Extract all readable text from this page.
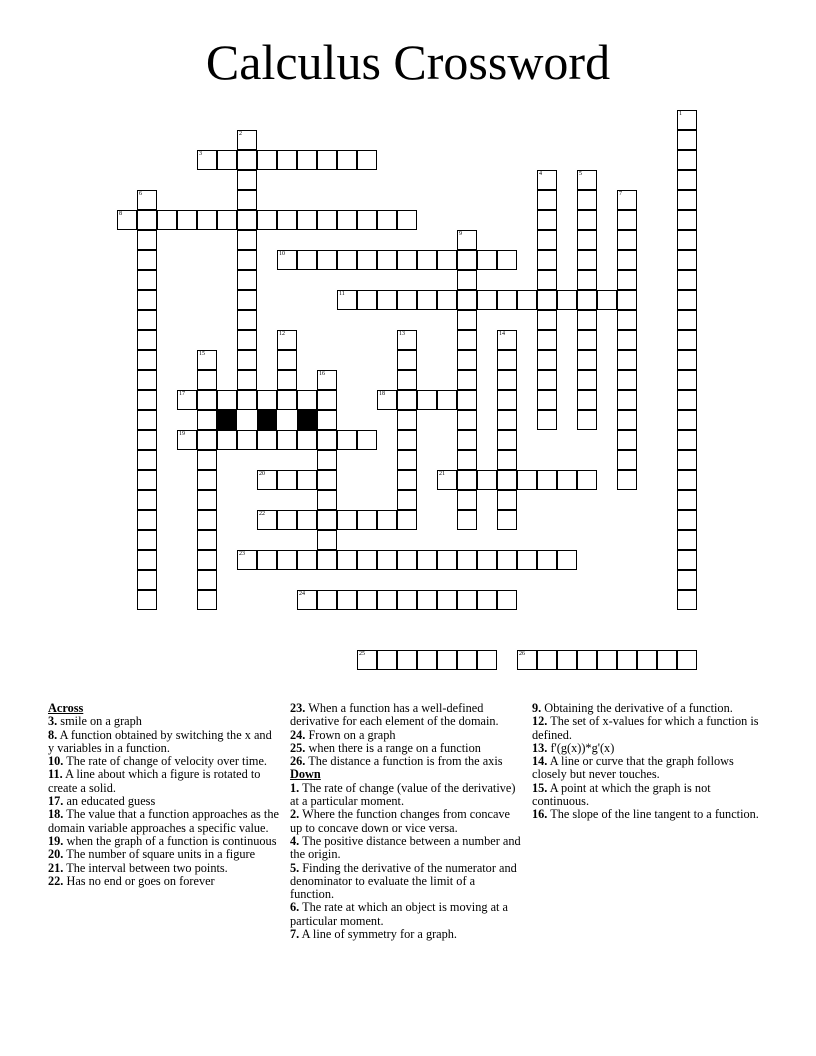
Calculus Crossword
1
2
3
4	5
6	7
8
9
10
11
12	13	14
15
16
17	18
19
20	21
22
23
24
25	26

Across

3. smile on a graph

8. A function obtained by switching the x and y variables in a function.

10. The rate of change of velocity over time.

11. A line about which a figure is rotated to create a solid.

17. an educated guess

18. The value that a function approaches as the domain variable approaches a specific value.

19. when the graph of a function is continuous

20. The number of square units in a figure

21. The interval between two points.

22. Has no end or goes on forever

23. When a function has a well-defined derivative for each element of the domain.

24. Frown on a graph

25. when there is a range on a function

26. The distance a function is from the axis

Down

1. The rate of change (value of the derivative) at a particular moment.

2. Where the function changes from concave up to concave down or vice versa.

4. The positive distance between a number and the origin.

5. Finding the derivative of the numerator and denominator to evaluate the limit of a function.

6. The rate at which an object is moving at a particular moment.

7. A line of symmetry for a graph.

9. Obtaining the derivative of a function.

12. The set of x-values for which a function is defined.

13. f'(g(x))*g'(x)

14. A line or curve that the graph follows closely but never touches.

15. A point at which the graph is not continuous.

16. The slope of the line tangent to a function.
